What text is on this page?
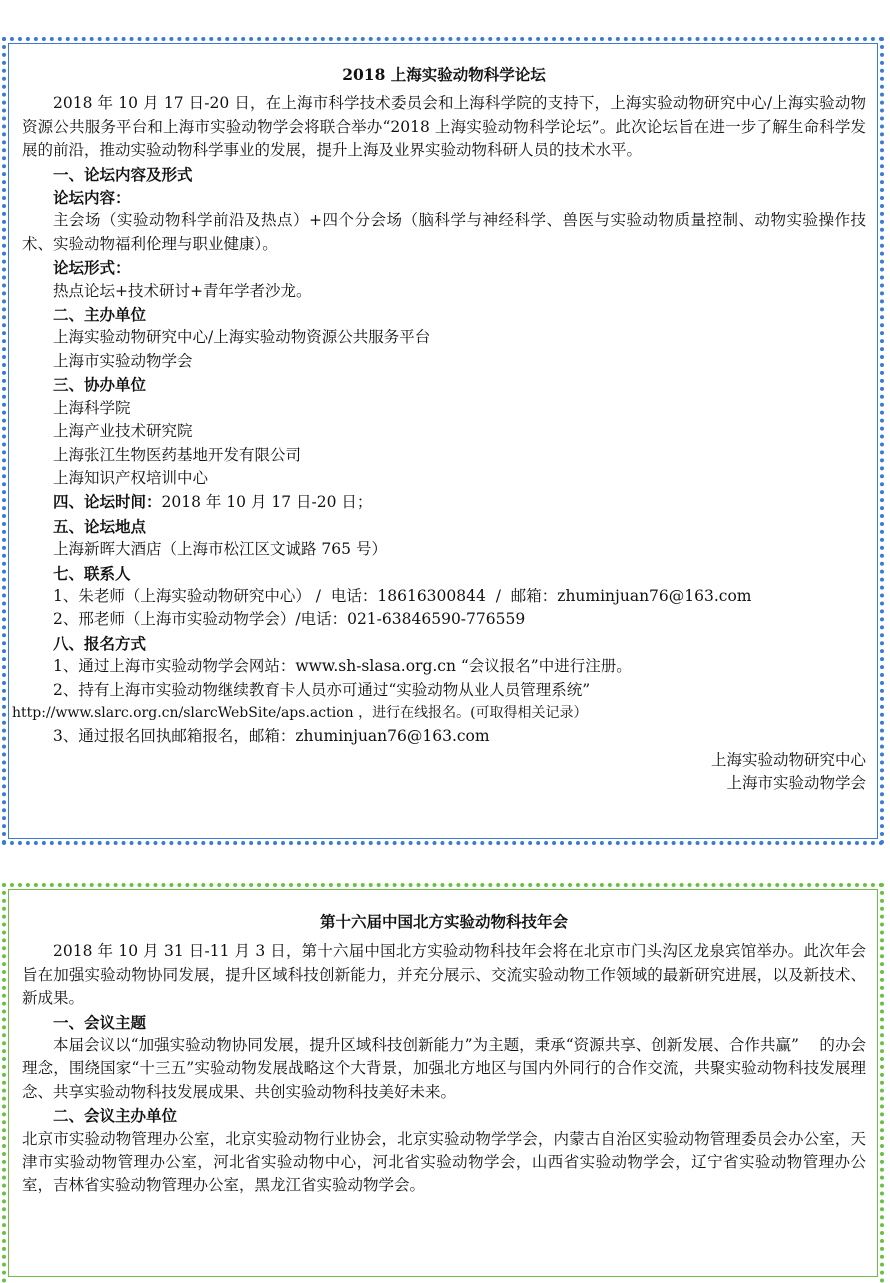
2018 上海实验动物科学论坛

2018 年 10 月 17 日-20 日，在上海市科学技术委员会和上海科学院的支持下，上海实验动物研究中心/上海实验动物资源公共服务平台和上海市实验动物学会将联合举办“2018 上海实验动物科学论坛”。此次论坛旨在进一步了解生命科学发展的前沿，推动实验动物科学事业的发展，提升上海及业界实验动物科研人员的技术水平。

一、论坛内容及形式

论坛内容：

主会场（实验动物科学前沿及热点）+四个分会场（脑科学与神经科学、兽医与实验动物质量控制、动物实验操作技术、实验动物福利伦理与职业健康）。

论坛形式：

热点论坛+技术研讨+青年学者沙龙。

二、主办单位

上海实验动物研究中心/上海实验动物资源公共服务平台

上海市实验动物学会

三、协办单位

上海科学院

上海产业技术研究院

上海张江生物医药基地开发有限公司

上海知识产权培训中心

四、论坛时间：2018 年 10 月 17 日-20 日；

五、论坛地点

上海新晖大酒店（上海市松江区文诚路 765 号）

七、联系人

1、朱老师（上海实验动物研究中心） /  电话：18616300844  /  邮箱：zhuminjuan76@163.com

2、邢老师（上海市实验动物学会）/电话：021-63846590-776559

八、报名方式

1、通过上海市实验动物学会网站：www.sh-slasa.org.cn “会议报名”中进行注册。

2、持有上海市实验动物继续教育卡人员亦可通过“实验动物从业人员管理系统”

http://www.slarc.org.cn/slarcWebSite/aps.action ，进行在线报名。(可取得相关记录）

3、通过报名回执邮箱报名，邮箱：zhuminjuan76@163.com

上海实验动物研究中心

上海市实验动物学会

第十六届中国北方实验动物科技年会

2018 年 10 月 31 日-11 月 3 日，第十六届中国北方实验动物科技年会将在北京市门头沟区龙泉宾馆举办。此次年会旨在加强实验动物协同发展，提升区域科技创新能力，并充分展示、交流实验动物工作领域的最新研究进展，以及新技术、新成果。

一、会议主题

本届会议以“加强实验动物协同发展，提升区域科技创新能力”为主题，秉承“资源共享、创新发展、合作共赢”　 的办会理念，围绕国家“十三五”实验动物发展战略这个大背景，加强北方地区与国内外同行的合作交流，共聚实验动物科技发展理念、共享实验动物科技发展成果、共创实验动物科技美好未来。

二、会议主办单位

北京市实验动物管理办公室，北京实验动物行业协会，北京实验动物学学会，内蒙古自治区实验动物管理委员会办公室，天津市实验动物管理办公室，河北省实验动物中心，河北省实验动物学会，山西省实验动物学会，辽宁省实验动物管理办公室，吉林省实验动物管理办公室，黑龙江省实验动物学会。
